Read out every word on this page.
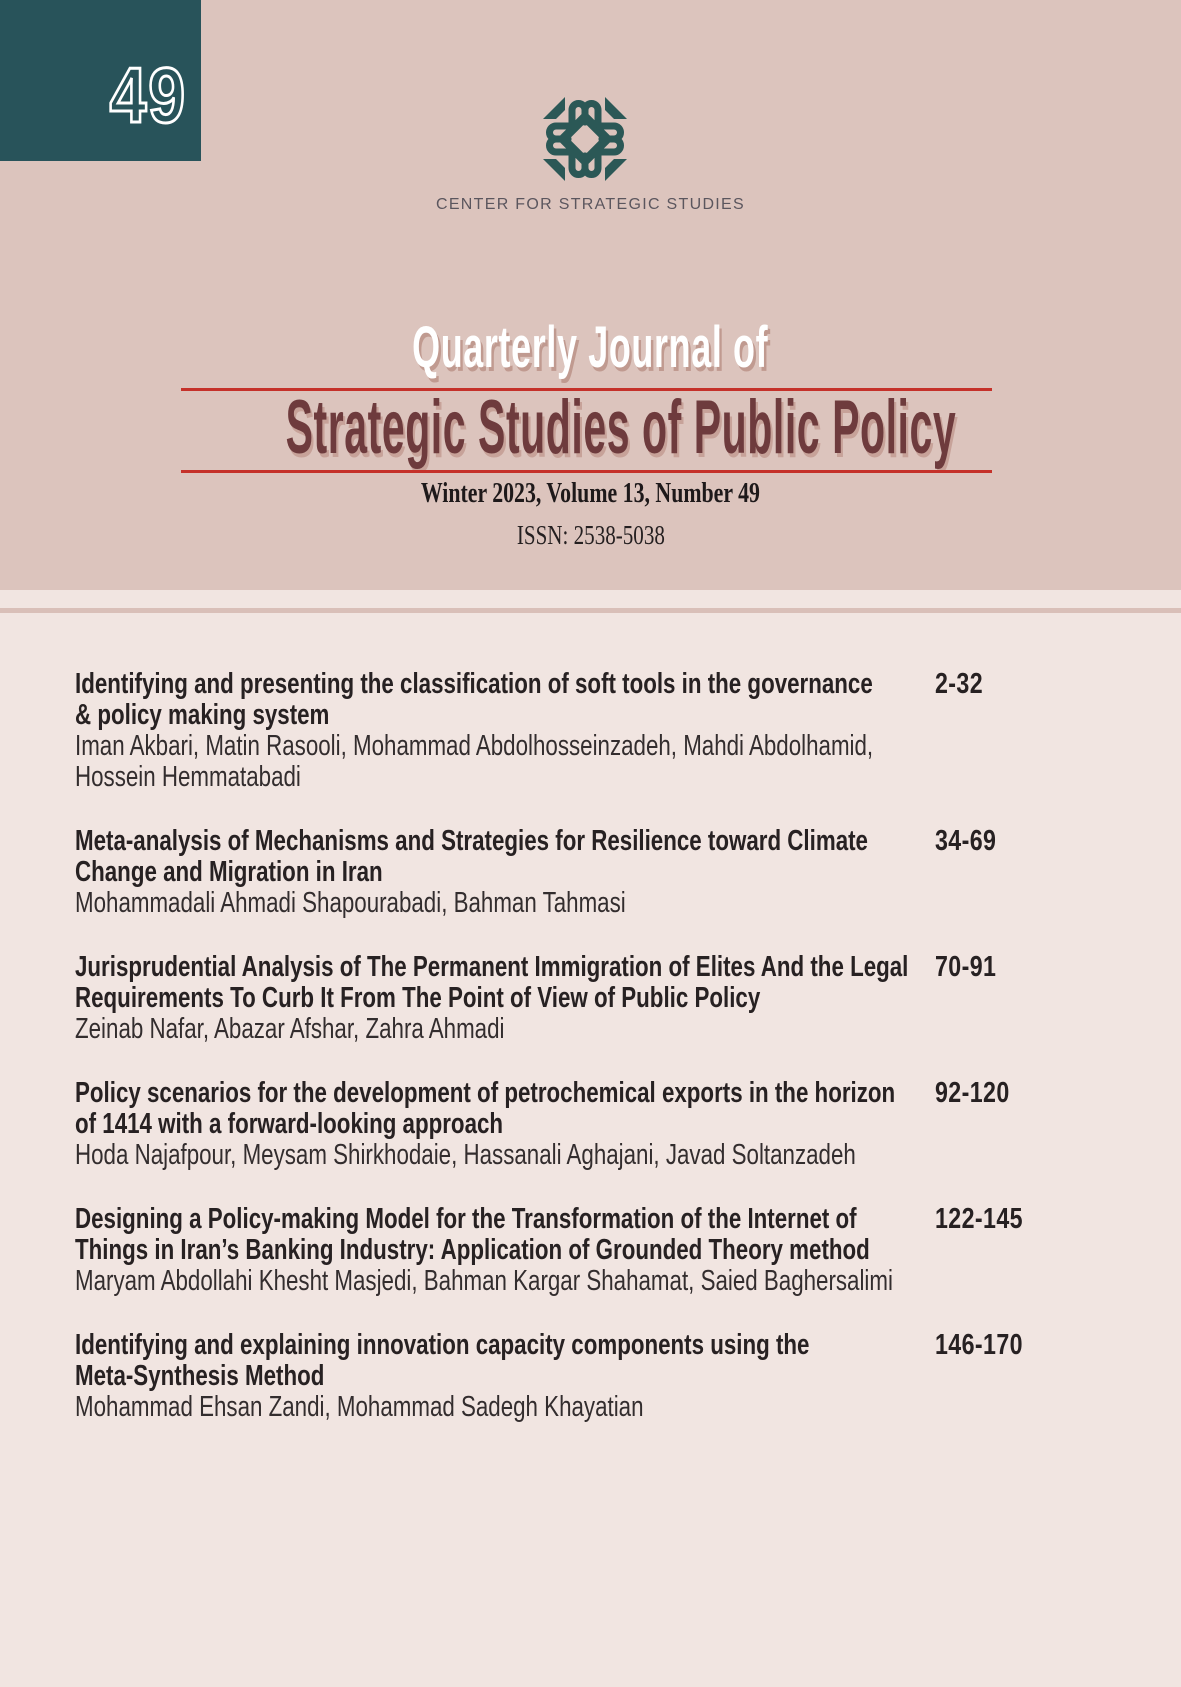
49
CENTER FOR STRATEGIC STUDIES
Quarterly Journal of
Strategic Studies of Public Policy
Winter 2023, Volume 13, Number 49
ISSN: 2538-5038
Identifying and presenting the classification of soft tools in the governance
& policy making system
Iman Akbari, Matin Rasooli, Mohammad Abdolhosseinzadeh, Mahdi Abdolhamid,
Hossein Hemmatabadi
2-32
Meta-analysis of Mechanisms and Strategies for Resilience toward Climate
Change and Migration in Iran
Mohammadali Ahmadi Shapourabadi, Bahman Tahmasi
34-69
Jurisprudential Analysis of The Permanent Immigration of Elites And the Legal
Requirements To Curb It From The Point of View of Public Policy
Zeinab Nafar, Abazar Afshar, Zahra Ahmadi
70-91
Policy scenarios for the development of petrochemical exports in the horizon
of 1414 with a forward-looking approach
Hoda Najafpour, Meysam Shirkhodaie, Hassanali Aghajani, Javad Soltanzadeh
92-120
Designing a Policy-making Model for the Transformation of the Internet of
Things in Iran’s Banking Industry: Application of Grounded Theory method
Maryam Abdollahi Khesht Masjedi, Bahman Kargar Shahamat, Saied Baghersalimi
122-145
Identifying and explaining innovation capacity components using the
Meta-Synthesis Method
Mohammad Ehsan Zandi, Mohammad Sadegh Khayatian
146-170
